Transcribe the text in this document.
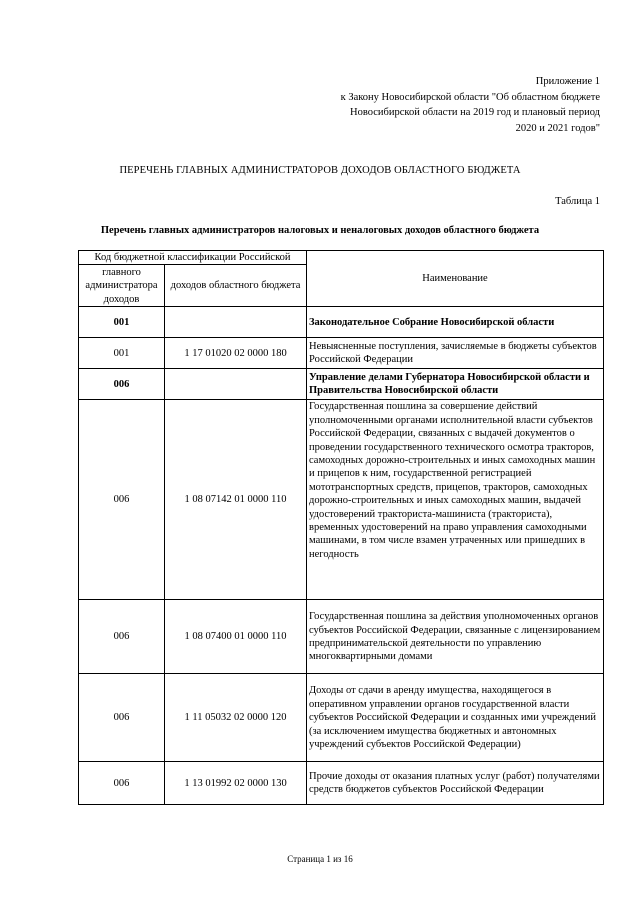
Приложение 1
к Закону Новосибирской области "Об областном бюджете
Новосибирской области на 2019 год и плановый период
2020 и 2021 годов"
ПЕРЕЧЕНЬ ГЛАВНЫХ АДМИНИСТРАТОРОВ ДОХОДОВ ОБЛАСТНОГО БЮДЖЕТА
Таблица 1
Перечень главных администраторов налоговых и неналоговых доходов областного бюджета
Код бюджетной классификации Российской		Наименование
главного администратора доходов	доходов областного бюджета	
001		Законодательное Собрание Новосибирской области
001	1 17 01020 02 0000 180	Невыясненные поступления, зачисляемые в бюджеты субъектов Российской Федерации
006		Управление делами Губернатора Новосибирской области и Правительства Новосибирской области
006	1 08 07142 01 0000 110	Государственная пошлина за совершение действий уполномоченными органами исполнительной власти субъектов Российской Федерации, связанных с выдачей документов о проведении государственного технического осмотра тракторов, самоходных дорожно-строительных и иных самоходных машин и прицепов к ним, государственной регистрацией мототранспортных средств, прицепов, тракторов, самоходных дорожно-строительных и иных самоходных машин, выдачей удостоверений тракториста-машиниста (тракториста), временных удостоверений на право управления самоходными машинами, в том числе взамен утраченных или пришедших в негодность
006	1 08 07400 01 0000 110	Государственная пошлина за действия уполномоченных органов субъектов Российской Федерации, связанные с лицензированием предпринимательской деятельности по управлению многоквартирными домами
006	1 11 05032 02 0000 120	Доходы от сдачи в аренду имущества, находящегося в оперативном управлении органов государственной власти субъектов Российской Федерации и созданных ими учреждений (за исключением имущества бюджетных и автономных учреждений субъектов Российской Федерации)
006	1 13 01992 02 0000 130	Прочие доходы от оказания платных услуг (работ) получателями средств бюджетов субъектов Российской Федерации
Страница 1 из 16
